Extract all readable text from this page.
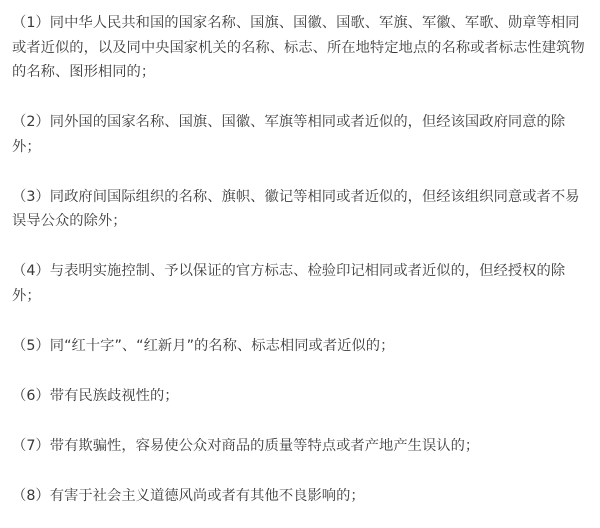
（1）同中华人民共和国的国家名称、国旗、国徽、国歌、军旗、军徽、军歌、勋章等相同或者近似的，以及同中央国家机关的名称、标志、所在地特定地点的名称或者标志性建筑物的名称、图形相同的；

（2）同外国的国家名称、国旗、国徽、军旗等相同或者近似的，但经该国政府同意的除外；

（3）同政府间国际组织的名称、旗帜、徽记等相同或者近似的，但经该组织同意或者不易误导公众的除外；

（4）与表明实施控制、予以保证的官方标志、检验印记相同或者近似的，但经授权的除外；

（5）同“红十字”、“红新月”的名称、标志相同或者近似的；

（6）带有民族歧视性的；

（7）带有欺骗性，容易使公众对商品的质量等特点或者产地产生误认的；

（8）有害于社会主义道德风尚或者有其他不良影响的；
